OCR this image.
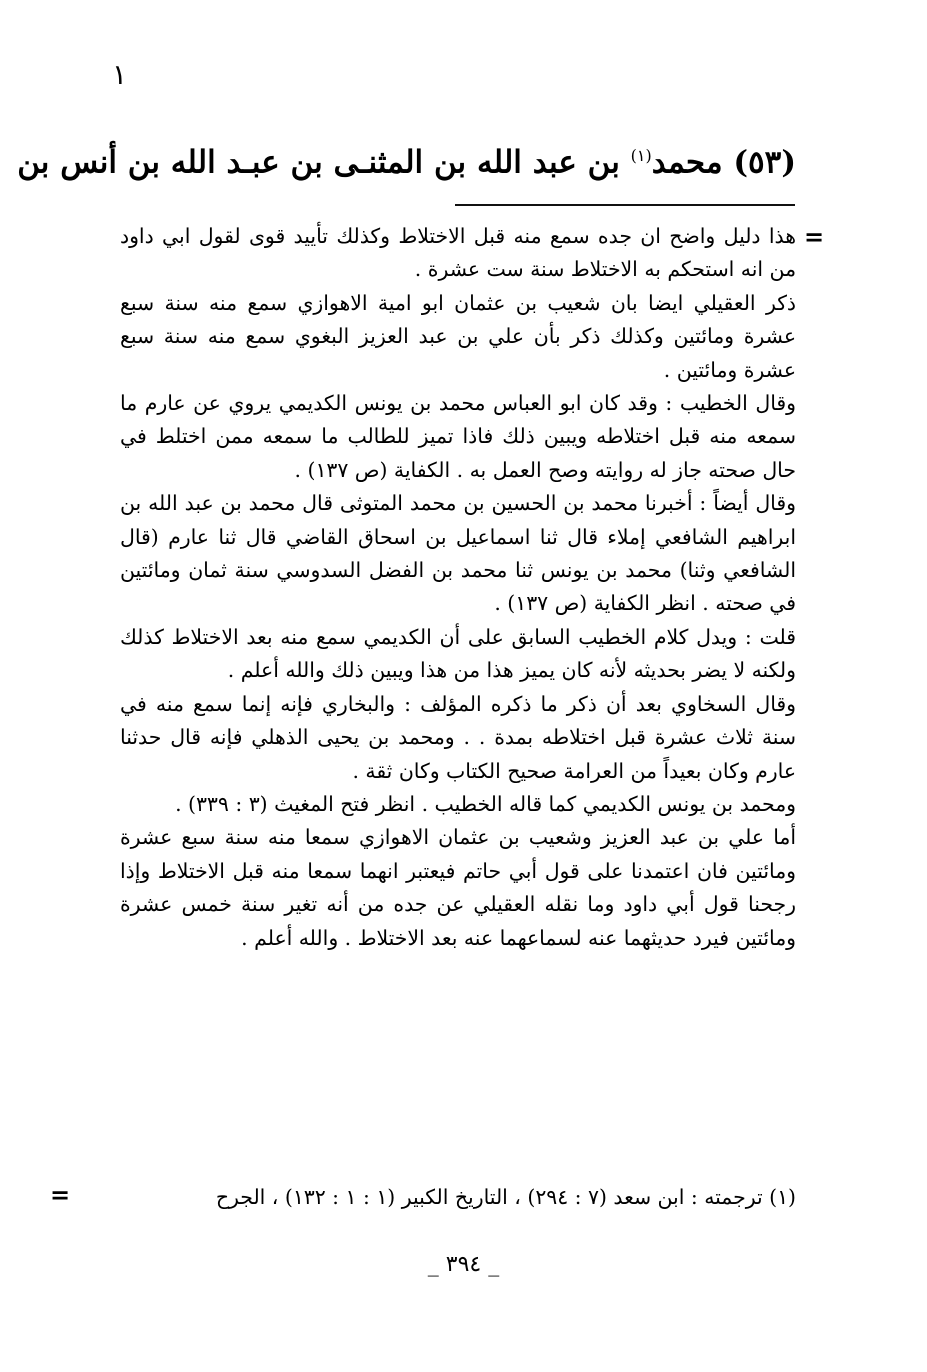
١
(٥٣) محمد$^{(١)}$ بن عبد الله بن المثنـى بن عبـد الله بن أنس بن
=

هذا دليل واضح ان جده سمع منه قبل الاختلاط وكذلك تأييد قوى لقول ابي داود من انه استحكم به الاختلاط سنة ست عشرة .

ذكر العقيلي ايضا بان شعيب بن عثمان ابو امية الاهوازي سمع منه سنة سبع عشرة ومائتين وكذلك ذكر بأن علي بن عبد العزيز البغوي سمع منه سنة سبع عشرة ومائتين .

وقال الخطيب : وقد كان ابو العباس محمد بن يونس الكديمي يروي عن عارم ما سمعه منه قبل اختلاطه ويبين ذلك فاذا تميز للطالب ما سمعه ممن اختلط في حال صحته جاز له روايته وصح العمل به . الكفاية (ص ١٣٧) .

وقال أيضاً : أخبرنا محمد بن الحسين بن محمد المتوثى قال محمد بن عبد الله بن ابراهيم الشافعي إملاء قال ثنا اسماعيل بن اسحاق القاضي قال ثنا عارم (قال الشافعي وثنا) محمد بن يونس ثنا محمد بن الفضل السدوسي سنة ثمان ومائتين في صحته . انظر الكفاية (ص ١٣٧) .

قلت : ويدل كلام الخطيب السابق على أن الكديمي سمع منه بعد الاختلاط كذلك ولكنه لا يضر بحديثه لأنه كان يميز هذا من هذا ويبين ذلك والله أعلم .

وقال السخاوي بعد أن ذكر ما ذكره المؤلف : والبخاري فإنه إنما سمع منه في سنة ثلاث عشرة قبل اختلاطه بمدة . . ومحمد بن يحيى الذهلي فإنه قال حدثنا عارم وكان بعيداً من العرامة صحيح الكتاب وكان ثقة .

ومحمد بن يونس الكديمي كما قاله الخطيب . انظر فتح المغيث (٣ : ٣٣٩) .

أما علي بن عبد العزيز وشعيب بن عثمان الاهوازي سمعا منه سنة سبع عشرة ومائتين فان اعتمدنا على قول أبي حاتم فيعتبر انهما سمعا منه قبل الاختلاط وإذا رجحنا قول أبي داود وما نقله العقيلي عن جده من أنه تغير سنة خمس عشرة ومائتين فيرد حديثهما عنه لسماعهما عنه بعد الاختلاط . والله أعلم .

(١) ترجمته : ابن سعد (٧ : ٢٩٤) ، التاريخ الكبير (١ : ١ : ١٣٢) ، الجرح
=
_ ٣٩٤ _
